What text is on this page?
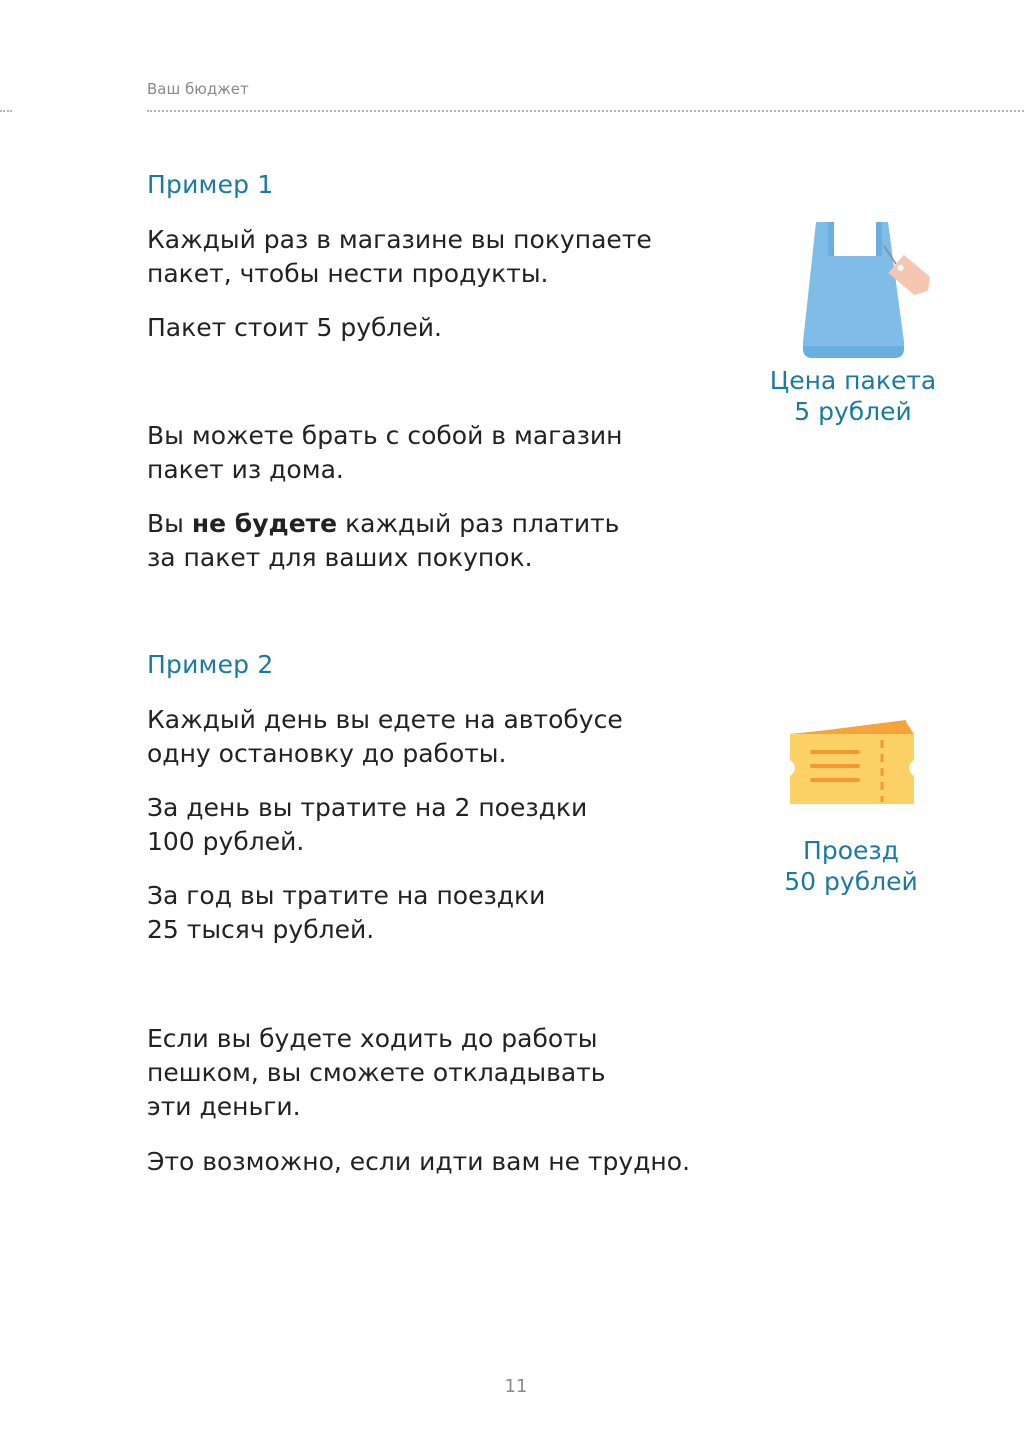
Ваш бюджет
Пример 1

Каждый раз в магазине вы покупаете
пакет, чтобы нести продукты.

Пакет стоит 5 рублей.

Вы можете брать с собой в магазин
пакет из дома.

Вы не будете каждый раз платить
за пакет для ваших покупок.

Цена пакета
5 рублей

Пример 2

Каждый день вы едете на автобусе
одну остановку до работы.

За день вы тратите на 2 поездки
100 рублей.

За год вы тратите на поездки
25 тысяч рублей.

Если вы будете ходить до работы
пешком, вы сможете откладывать
эти деньги.

Это возможно, если идти вам не трудно.

Проезд
50 рублей

11
